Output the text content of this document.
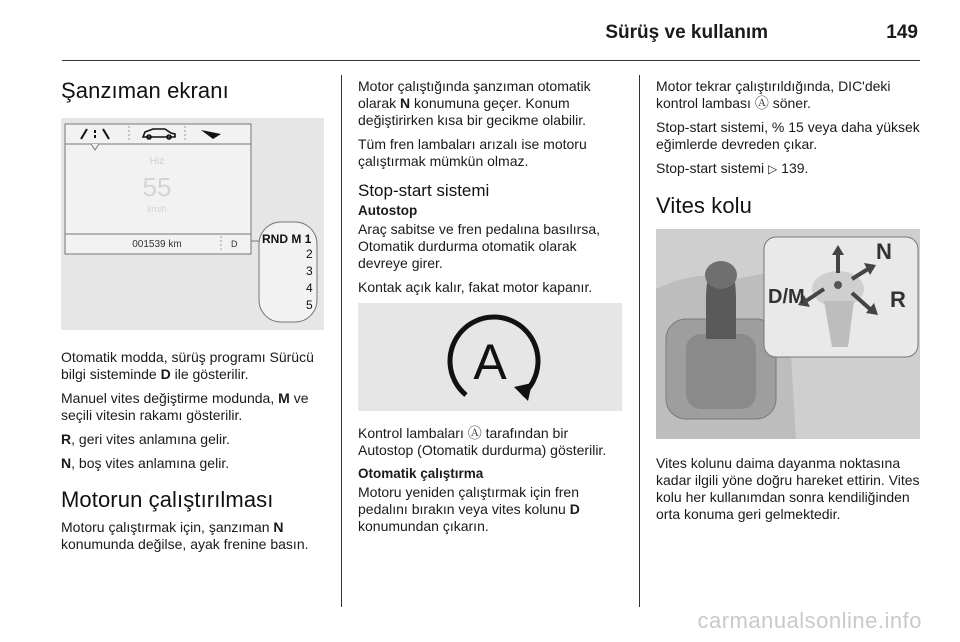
Sürüş ve kullanım	149
Şanzıman ekranı
Hiz
55
km/h
001539 km	D RND M 1
2
3
4
5

Otomatik modda, sürüş programı Sürücü bilgi sisteminde D ile gösterilir.

Manuel vites değiştirme modunda, M ve seçili vitesin rakamı gösterilir.

R, geri vites anlamına gelir.

N, boş vites anlamına gelir.

Motorun çalıştırılması

Motoru çalıştırmak için, şanzıman N konumunda değilse, ayak frenine basın.

Motor çalıştığında şanzıman otomatik olarak N konumuna geçer. Konum değiştirirken kısa bir gecikme olabilir.

Tüm fren lambaları arızalı ise motoru çalıştırmak mümkün olmaz.

Stop-start sistemi
Autostop

Araç sabitse ve fren pedalına basılırsa, Otomatik durdurma otomatik olarak devreye girer.

Kontak açık kalır, fakat motor kapanır.

A

Kontrol lambaları Ⓐ tarafından bir Autostop (Otomatik durdurma) gösterilir.

Otomatik çalıştırma

Motoru yeniden çalıştırmak için fren pedalını bırakın veya vites kolunu D konumundan çıkarın.

Motor tekrar çalıştırıldığında, DIC'deki kontrol lambası Ⓐ söner.

Stop-start sistemi, % 15 veya daha yüksek eğimlerde devreden çıkar.

Stop-start sistemi ▷ 139.

Vites kolu
N
D/M	R

Vites kolunu daima dayanma noktasına kadar ilgili yöne doğru hareket ettirin. Vites kolu her kullanımdan sonra kendiliğinden orta konuma geri gelmektedir.

carmanualsonline.info
